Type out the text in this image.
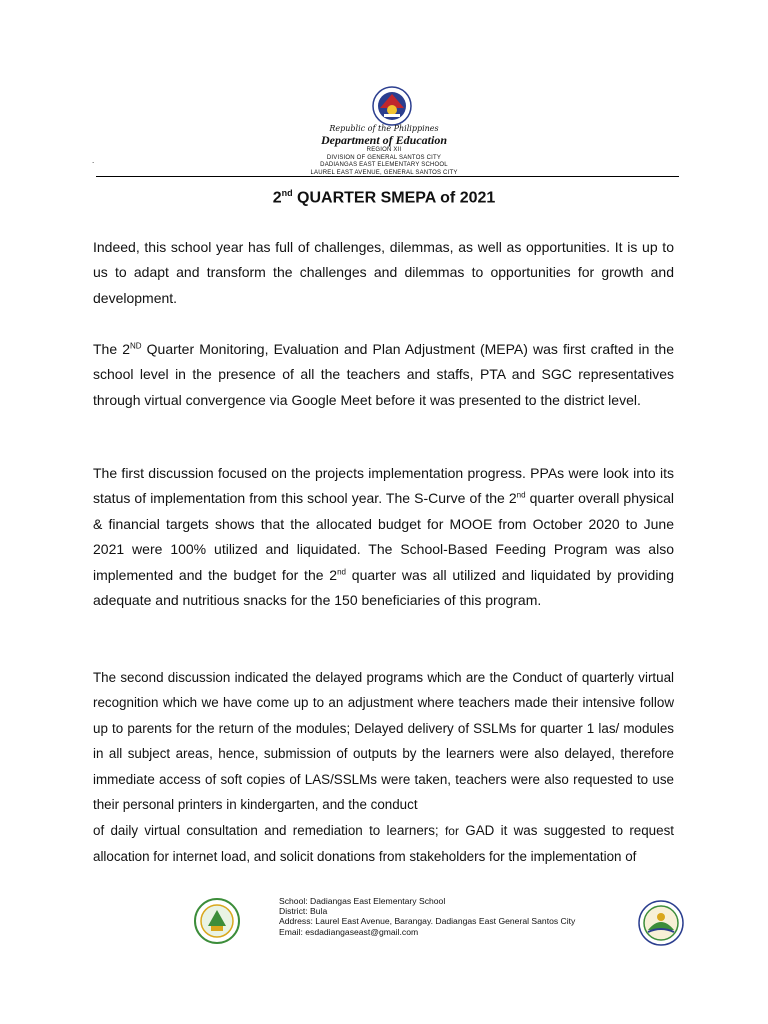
Republic of the Philippines
Department of Education
REGION XII
DIVISION OF GENERAL SANTOS CITY
DADIANGAS EAST ELEMENTARY SCHOOL
LAUREL EAST AVENUE, GENERAL SANTOS CITY
.
2nd QUARTER SMEPA of 2021
Indeed, this school year has full of challenges, dilemmas, as well as opportunities. It is up to us to adapt and transform the challenges and dilemmas to opportunities for growth and development.
The 2ND Quarter Monitoring, Evaluation and Plan Adjustment (MEPA) was first crafted in the school level in the presence of all the teachers and staffs, PTA and SGC representatives through virtual convergence via Google Meet before it was presented to the district level.
The first discussion focused on the projects implementation progress. PPAs were look into its status of implementation from this school year. The S-Curve of the 2nd quarter overall physical & financial targets shows that the allocated budget for MOOE from October 2020 to June 2021 were 100% utilized and liquidated. The School-Based Feeding Program was also implemented and the budget for the 2nd quarter was all utilized and liquidated by providing adequate and nutritious snacks for the 150 beneficiaries of this program.
The second discussion indicated the delayed programs which are the Conduct of quarterly virtual recognition which we have come up to an adjustment where teachers made their intensive follow up to parents for the return of the modules; Delayed delivery of SSLMs for quarter 1 las/ modules in all subject areas, hence, submission of outputs by the learners were also delayed, therefore immediate access of soft copies of LAS/SSLMs were taken, teachers were also requested to use their personal printers in kindergarten, and the conduct
of daily virtual consultation and remediation to learners; for GAD it was suggested to request allocation for internet load, and solicit donations from stakeholders for the implementation of
School: Dadiangas East Elementary School
District: Bula
Address: Laurel East Avenue, Barangay. Dadiangas East General Santos City
Email: esdadiangaseast@gmail.com
